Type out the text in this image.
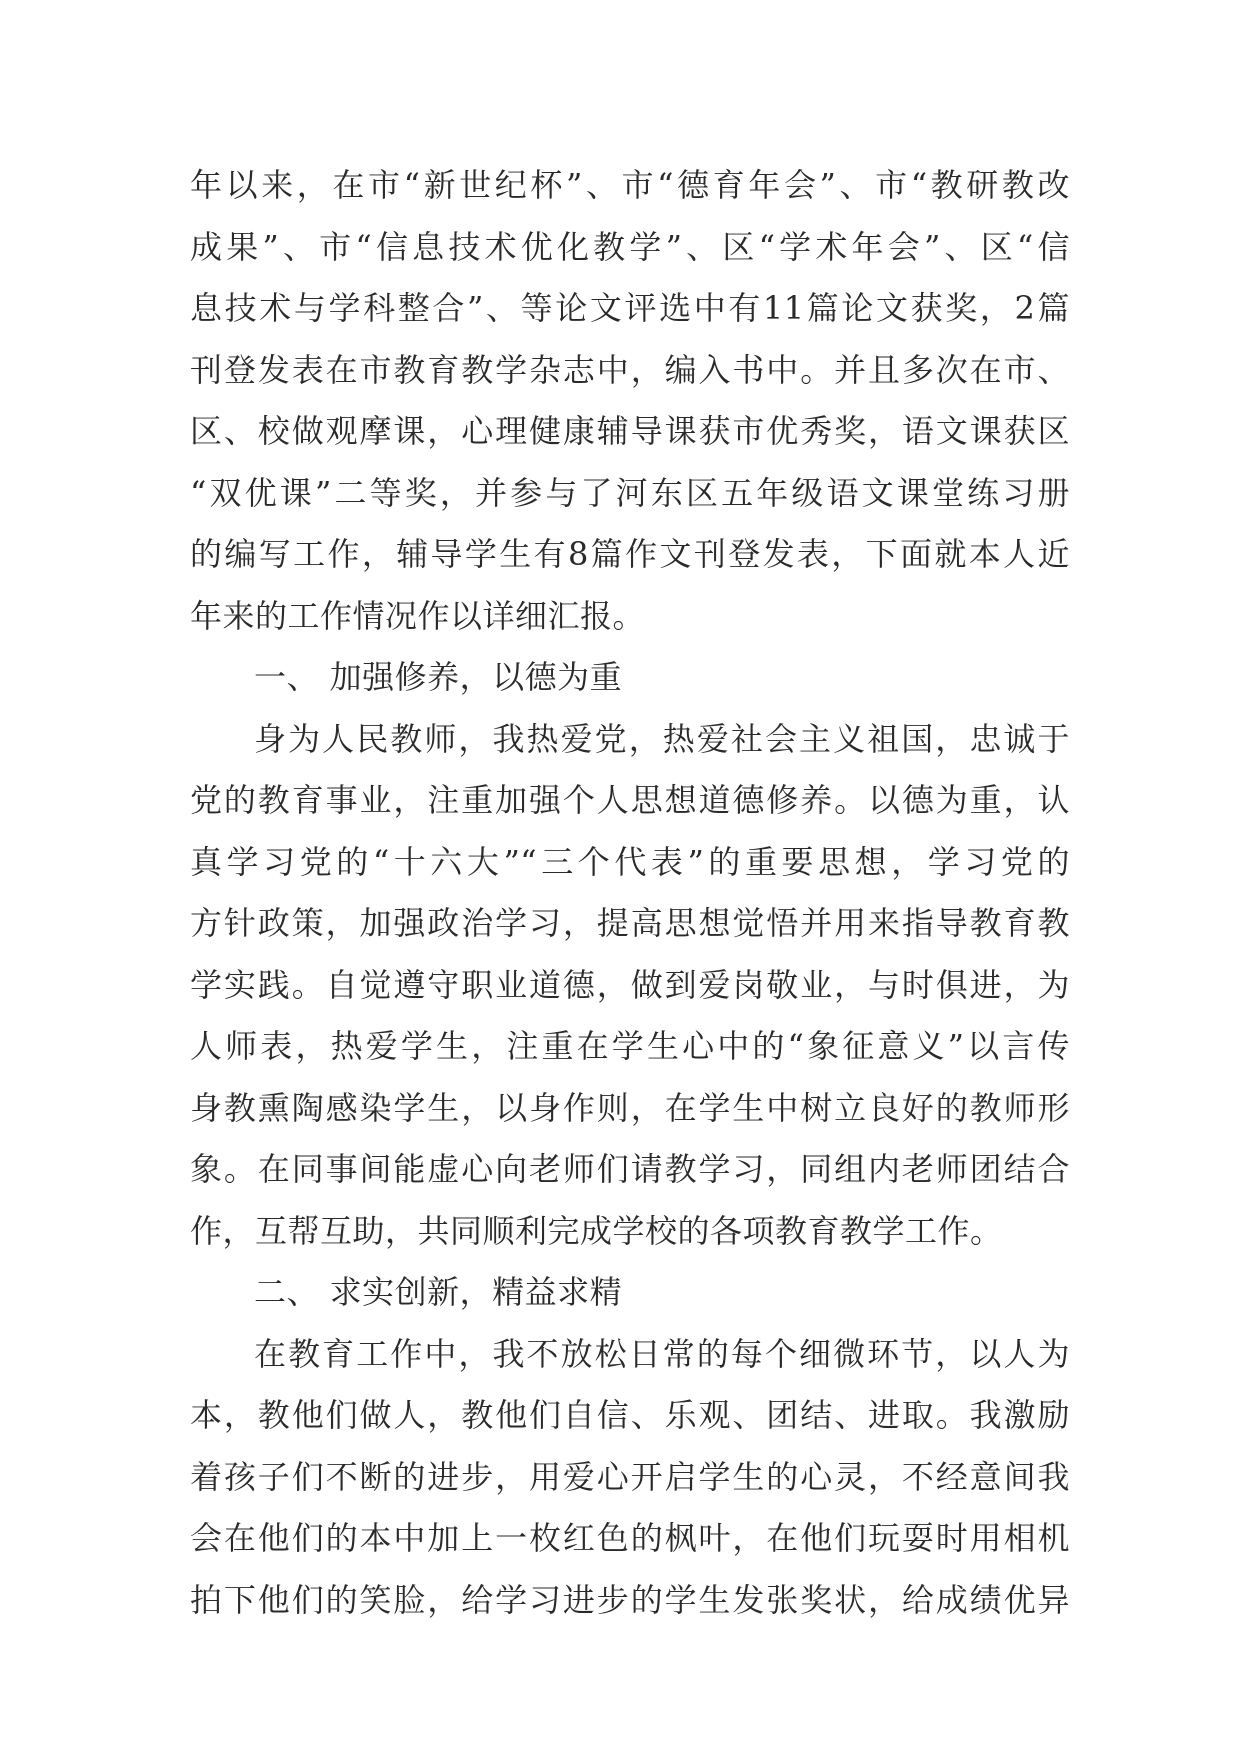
年以来，在市“新世纪杯”、市“德育年会”、市“教研教改
成果”、市“信息技术优化教学”、区“学术年会”、区“信
息技术与学科整合”、等论文评选中有11篇论文获奖，2篇
刊登发表在市教育教学杂志中，编入书中。并且多次在市、
区、校做观摩课，心理健康辅导课获市优秀奖，语文课获区
“双优课”二等奖，并参与了河东区五年级语文课堂练习册
的编写工作，辅导学生有8篇作文刊登发表，下面就本人近
年来的工作情况作以详细汇报。
一、 加强修养，以德为重
身为人民教师，我热爱党，热爱社会主义祖国，忠诚于
党的教育事业，注重加强个人思想道德修养。以德为重，认
真学习党的“十六大”“三个代表”的重要思想，学习党的
方针政策，加强政治学习，提高思想觉悟并用来指导教育教
学实践。自觉遵守职业道德，做到爱岗敬业，与时俱进，为
人师表，热爱学生，注重在学生心中的“象征意义”以言传
身教熏陶感染学生，以身作则，在学生中树立良好的教师形
象。在同事间能虚心向老师们请教学习，同组内老师团结合
作，互帮互助，共同顺利完成学校的各项教育教学工作。
二、 求实创新，精益求精
在教育工作中，我不放松日常的每个细微环节，以人为
本，教他们做人，教他们自信、乐观、团结、进取。我激励
着孩子们不断的进步，用爱心开启学生的心灵，不经意间我
会在他们的本中加上一枚红色的枫叶，在他们玩耍时用相机
拍下他们的笑脸，给学习进步的学生发张奖状，给成绩优异
